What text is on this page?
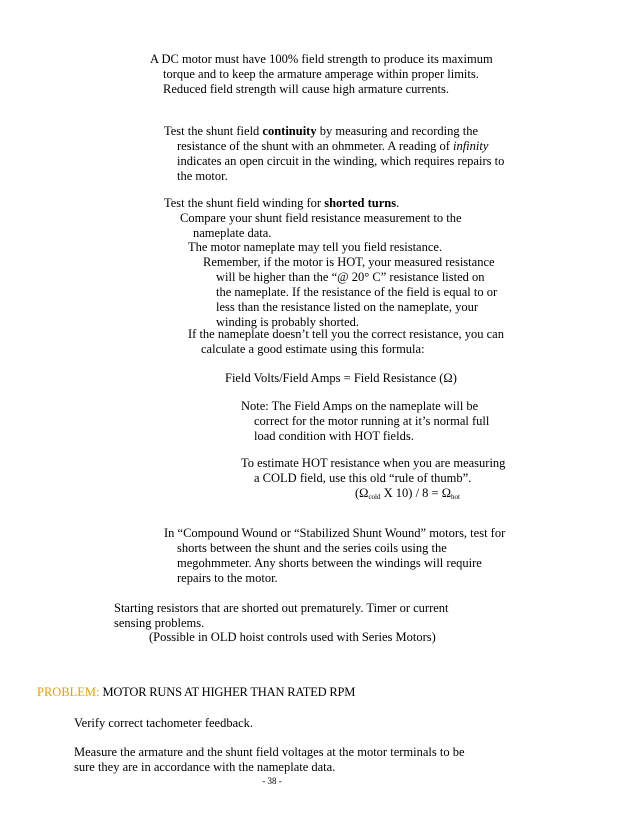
A DC motor must have 100% field strength to produce its maximum torque and to keep the armature amperage within proper limits. Reduced field strength will cause high armature currents.

Test the shunt field continuity by measuring and recording the resistance of the shunt with an ohmmeter. A reading of infinity indicates an open circuit in the winding, which requires repairs to the motor.

Test the shunt field winding for shorted turns.

Compare your shunt field resistance measurement to the nameplate data.

The motor nameplate may tell you field resistance.

Remember, if the motor is HOT, your measured resistance will be higher than the “@ 20° C” resistance listed on the nameplate. If the resistance of the field is equal to or less than the resistance listed on the nameplate, your winding is probably shorted.

If the nameplate doesn’t tell you the correct resistance, you can calculate a good estimate using this formula:

Field Volts/Field Amps = Field Resistance (Ω)

Note: The Field Amps on the nameplate will be correct for the motor running at it’s normal full load condition with HOT fields.

To estimate HOT resistance when you are measuring a COLD field, use this old “rule of thumb”.
($\Omega_{cold}$ X $10) / 8 = \Omega_{hot}$

In “Compound Wound or “Stabilized Shunt Wound” motors, test for shorts between the shunt and the series coils using the megohmmeter. Any shorts between the windings will require repairs to the motor.

Starting resistors that are shorted out prematurely. Timer or current sensing problems.

(Possible in OLD hoist controls used with Series Motors)

PROBLEM: MOTOR RUNS AT HIGHER THAN RATED RPM

Verify correct tachometer feedback.

Measure the armature and the shunt field voltages at the motor terminals to be sure they are in accordance with the nameplate data.

- 38 -
